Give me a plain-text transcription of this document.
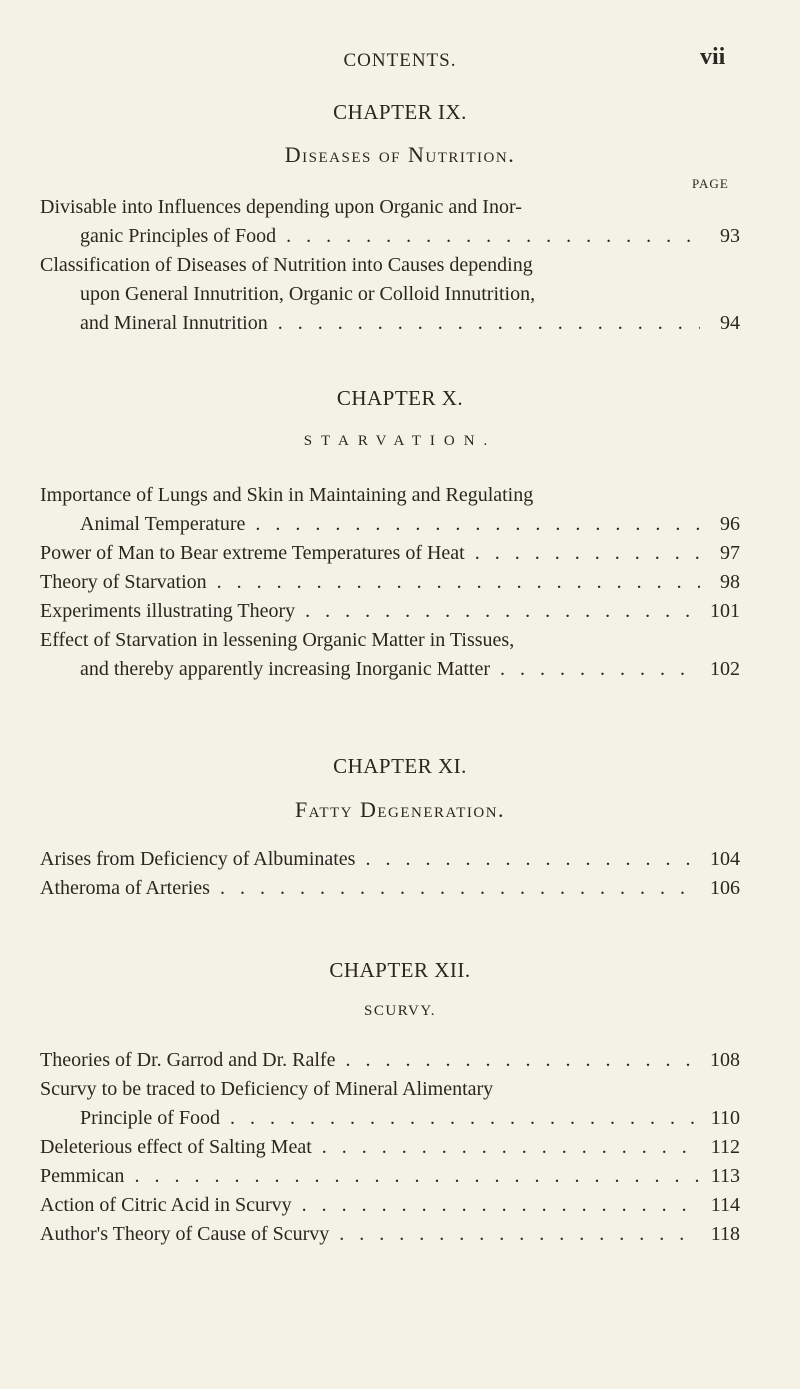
CONTENTS.	vii
CHAPTER IX.
Diseases of Nutrition.
PAGE
Divisable into Influences depending upon Organic and Inor-
ganic Principles of Food . . .	93
Classification of Diseases of Nutrition into Causes depending
upon General Innutrition, Organic or Colloid Innutrition,
and Mineral Innutrition . . .	94
CHAPTER X.
STARVATION.
Importance of Lungs and Skin in Maintaining and Regulating
Animal Temperature . . .	96
Power of Man to Bear extreme Temperatures of Heat . . .	97
Theory of Starvation . . .	98
Experiments illustrating Theory . . .	101
Effect of Starvation in lessening Organic Matter in Tissues,
and thereby apparently increasing Inorganic Matter . . .	102
CHAPTER XI.
Fatty Degeneration.
Arises from Deficiency of Albuminates . . .	104
Atheroma of Arteries . . .	106
CHAPTER XII.
SCURVY.
Theories of Dr. Garrod and Dr. Ralfe . . .	108
Scurvy to be traced to Deficiency of Mineral Alimentary
Principle of Food . . .	110
Deleterious effect of Salting Meat . . .	112
Pemmican . . .	113
Action of Citric Acid in Scurvy . . .	114
Author's Theory of Cause of Scurvy . . .	118
